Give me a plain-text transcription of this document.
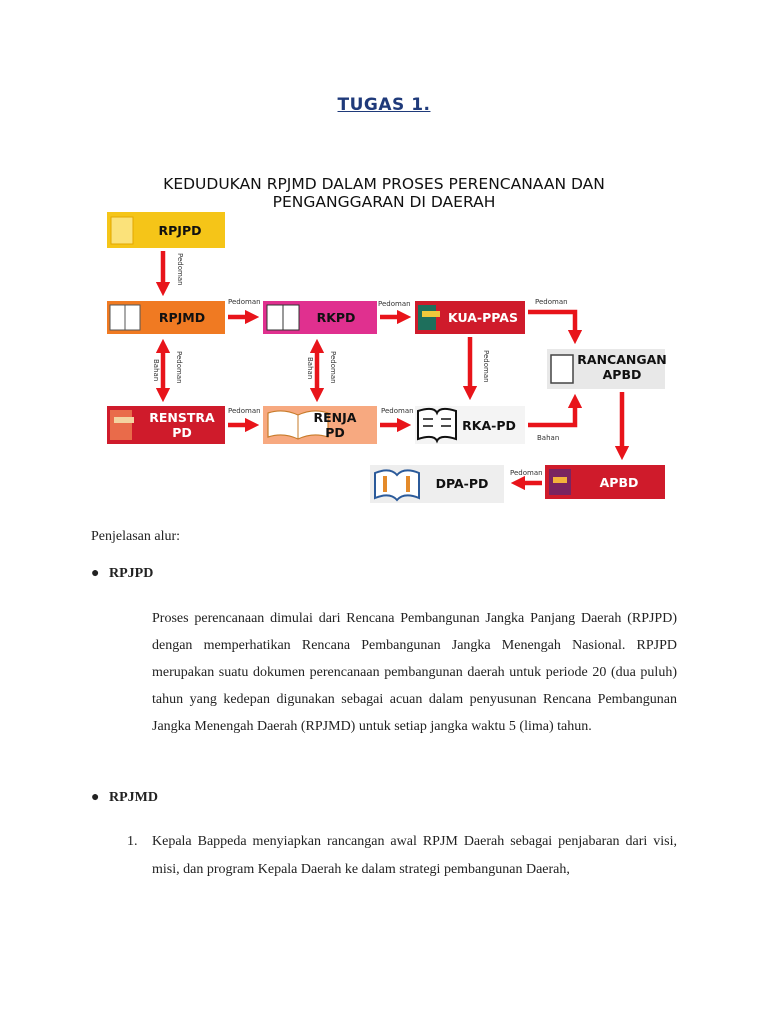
TUGAS 1.
KEDUDUKAN RPJMD DALAM PROSES PERENCANAAN DAN
PENGANGGARAN DI DAERAH
RPJPD
RPJMD	RKPD	KUA-PPAS
RANCANGAN
APBD
RENSTRA
PD
RENJA
PD	RKA-PD
DPA-PD	APBD
Pedoman
Pedoman	Pedoman	Pedoman
Bahan Pedoman	Bahan Pedoman	Pedoman
Pedoman	Pedoman
Bahan
Pedoman
Penjelasan alur:
● RPJPD
Proses perencanaan dimulai dari Rencana Pembangunan Jangka Panjang Daerah (RPJPD) dengan memperhatikan Rencana Pembangunan Jangka Menengah Nasional. RPJPD merupakan suatu dokumen perencanaan pembangunan daerah untuk periode 20 (dua puluh) tahun yang kedepan digunakan sebagai acuan dalam penyusunan Rencana Pembangunan Jangka Menengah Daerah (RPJMD) untuk setiap jangka waktu 5 (lima) tahun.
● RPJMD
1. Kepala Bappeda menyiapkan rancangan awal RPJM Daerah sebagai penjabaran dari visi, misi, dan program Kepala Daerah ke dalam strategi pembangunan Daerah,
